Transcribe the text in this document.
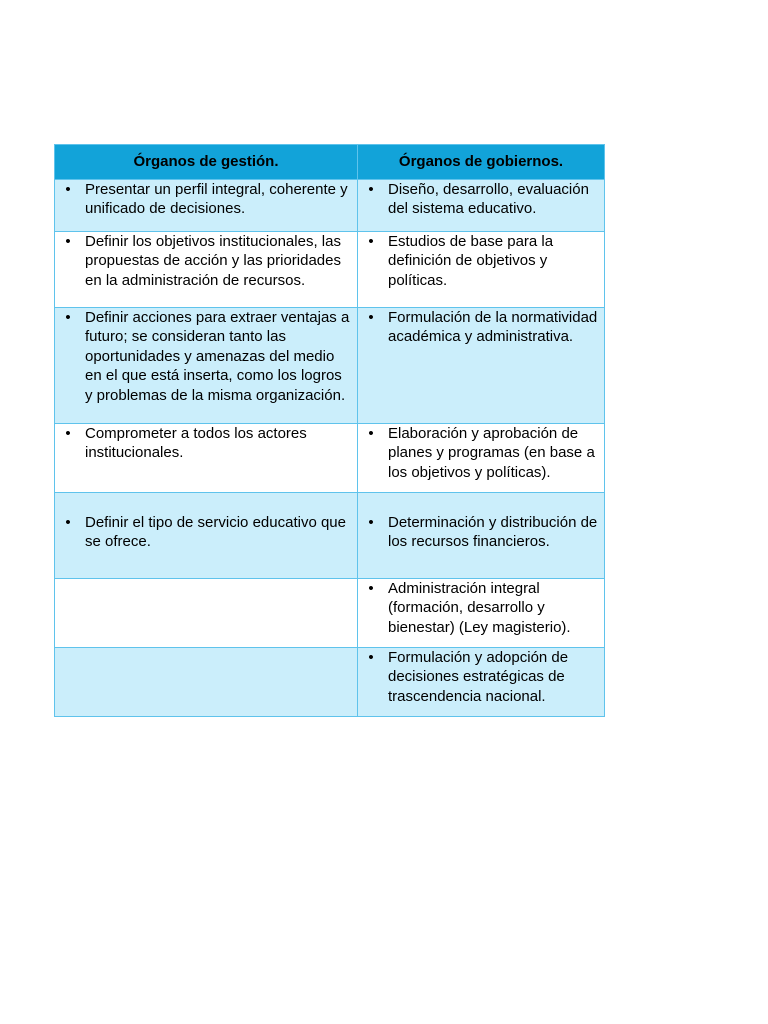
Órganos de gestión.	Órganos de gobiernos.

• Presentar un perfil integral, coherente y unificado de decisiones.	• Diseño, desarrollo, evaluación del sistema educativo.

• Definir los objetivos institucionales, las propuestas de acción y las prioridades en la administración de recursos.	• Estudios de base para la definición de objetivos y políticas.

• Definir acciones para extraer ventajas a futuro; se consideran tanto las oportunidades y amenazas del medio en el que está inserta, como los logros y problemas de la misma organización.	• Formulación de la normatividad académica y administrativa.

• Comprometer a todos los actores institucionales.	• Elaboración y aprobación de planes y programas (en base a los objetivos y políticas).

• Definir el tipo de servicio educativo que se ofrece.	• Determinación y distribución de los recursos financieros.

	• Administración integral (formación, desarrollo y bienestar) (Ley magisterio).

	• Formulación y adopción de decisiones estratégicas de trascendencia nacional.
